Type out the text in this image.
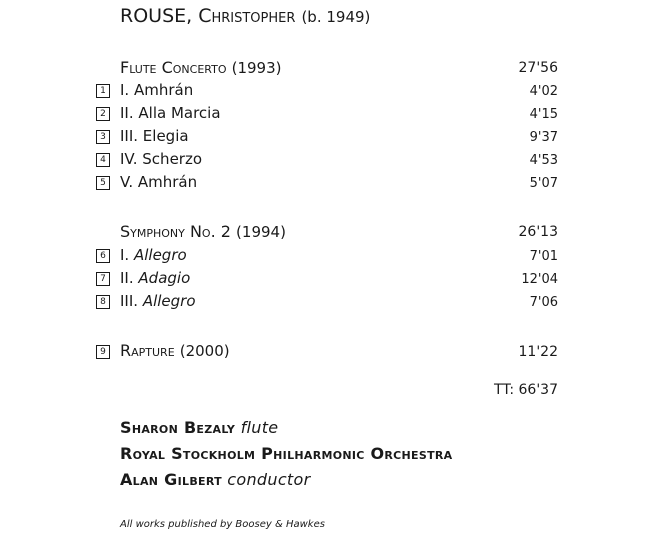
ROUSE, Christopher (b. 1949)
Flute Concerto (1993)	27'56
1 I. Amhrán	4'02
2 II. Alla Marcia	4'15
3 III. Elegia	9'37
4 IV. Scherzo	4'53
5 V. Amhrán	5'07
Symphony No. 2 (1994)	26'13
6 I. Allegro	7'01
7 II. Adagio	12'04
8 III. Allegro	7'06
9 Rapture (2000)	11'22
TT: 66'37
Sharon Bezaly flute
Royal Stockholm Philharmonic Orchestra
Alan Gilbert conductor
All works published by Boosey & Hawkes
